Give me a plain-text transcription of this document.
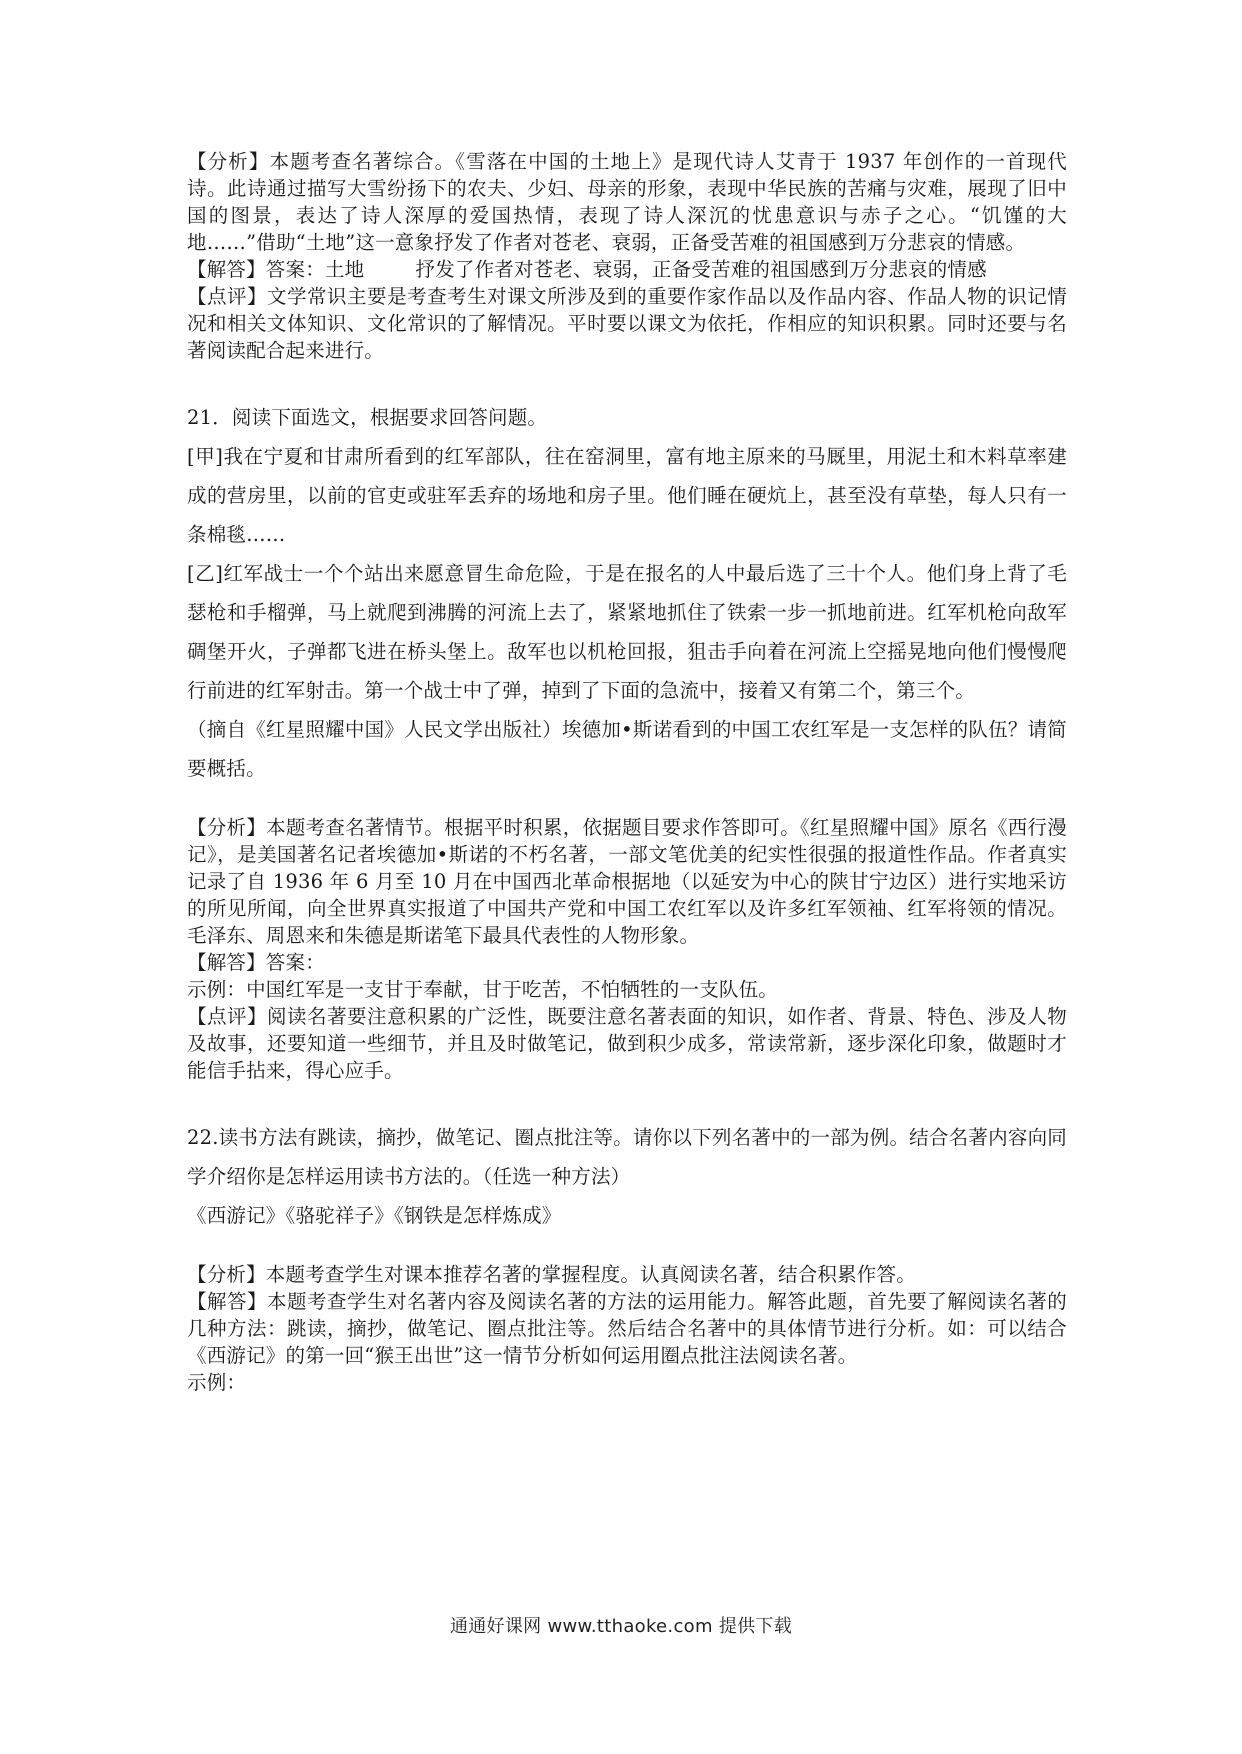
【分析】本题考查名著综合。《雪落在中国的土地上》是现代诗人艾青于 1937 年创作的一首现代诗。此诗通过描写大雪纷扬下的农夫、少妇、母亲的形象，表现中华民族的苦痛与灾难，展现了旧中国的图景，表达了诗人深厚的爱国热情，表现了诗人深沉的忧患意识与赤子之心。“饥馑的大地……”借助“土地”这一意象抒发了作者对苍老、衰弱，正备受苦难的祖国感到万分悲哀的情感。

【解答】答案：土地        抒发了作者对苍老、衰弱，正备受苦难的祖国感到万分悲哀的情感

【点评】文学常识主要是考查考生对课文所涉及到的重要作家作品以及作品内容、作品人物的识记情况和相关文体知识、文化常识的了解情况。平时要以课文为依托，作相应的知识积累。同时还要与名著阅读配合起来进行。

21．阅读下面选文，根据要求回答问题。

[甲]我在宁夏和甘肃所看到的红军部队，往在窑洞里，富有地主原来的马厩里，用泥土和木料草率建成的营房里，以前的官吏或驻军丢弃的场地和房子里。他们睡在硬炕上，甚至没有草垫，每人只有一条棉毯……

[乙]红军战士一个个站出来愿意冒生命危险，于是在报名的人中最后选了三十个人。他们身上背了毛瑟枪和手榴弹，马上就爬到沸腾的河流上去了，紧紧地抓住了铁索一步一抓地前进。红军机枪向敌军碉堡开火，子弹都飞进在桥头堡上。敌军也以机枪回报，狙击手向着在河流上空摇晃地向他们慢慢爬行前进的红军射击。第一个战士中了弹，掉到了下面的急流中，接着又有第二个，第三个。

（摘自《红星照耀中国》人民文学出版社）埃德加•斯诺看到的中国工农红军是一支怎样的队伍？请简要概括。

【分析】本题考查名著情节。根据平时积累，依据题目要求作答即可。《红星照耀中国》原名《西行漫记》，是美国著名记者埃德加•斯诺的不朽名著，一部文笔优美的纪实性很强的报道性作品。作者真实记录了自 1936 年 6 月至 10 月在中国西北革命根据地（以延安为中心的陕甘宁边区）进行实地采访的所见所闻，向全世界真实报道了中国共产党和中国工农红军以及许多红军领袖、红军将领的情况。毛泽东、周恩来和朱德是斯诺笔下最具代表性的人物形象。

【解答】答案：

示例：中国红军是一支甘于奉献，甘于吃苦，不怕牺牲的一支队伍。

【点评】阅读名著要注意积累的广泛性，既要注意名著表面的知识，如作者、背景、特色、涉及人物及故事，还要知道一些细节，并且及时做笔记，做到积少成多，常读常新，逐步深化印象，做题时才能信手拈来，得心应手。

22.读书方法有跳读，摘抄，做笔记、圈点批注等。请你以下列名著中的一部为例。结合名著内容向同学介绍你是怎样运用读书方法的。（任选一种方法）

《西游记》《骆驼祥子》《钢铁是怎样炼成》

【分析】本题考查学生对课本推荐名著的掌握程度。认真阅读名著，结合积累作答。

【解答】本题考查学生对名著内容及阅读名著的方法的运用能力。解答此题，首先要了解阅读名著的几种方法：跳读，摘抄，做笔记、圈点批注等。然后结合名著中的具体情节进行分析。如：可以结合《西游记》的第一回“猴王出世”这一情节分析如何运用圈点批注法阅读名著。

示例：

通通好课网 www.tthaoke.com 提供下载
